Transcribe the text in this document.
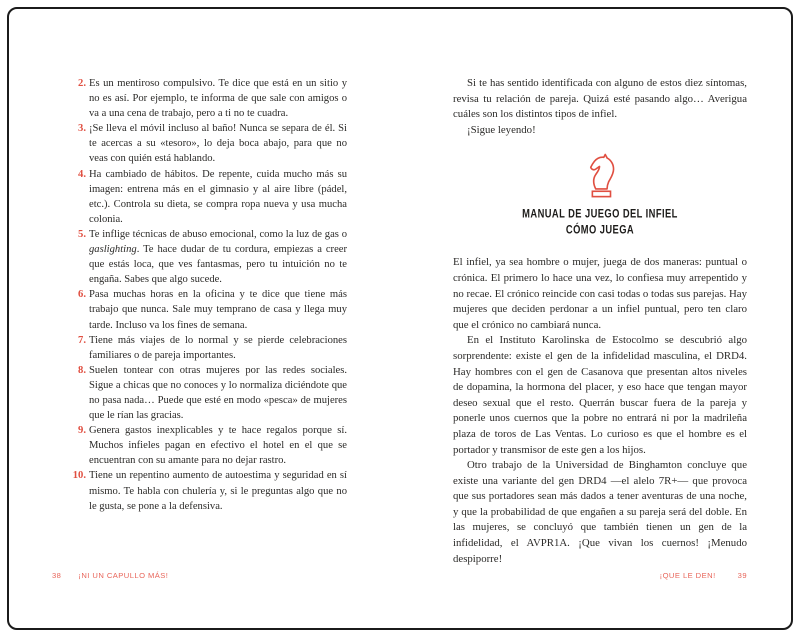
2. Es un mentiroso compulsivo. Te dice que está en un sitio y no es así. Por ejemplo, te informa de que sale con amigos o va a una cena de trabajo, pero a ti no te cuadra.
3. ¡Se lleva el móvil incluso al baño! Nunca se separa de él. Si te acercas a su «tesoro», lo deja boca abajo, para que no veas con quién está hablando.
4. Ha cambiado de hábitos. De repente, cuida mucho más su imagen: entrena más en el gimnasio y al aire libre (pádel, etc.). Controla su dieta, se compra ropa nueva y usa mucha colonia.
5. Te inflige técnicas de abuso emocional, como la luz de gas o gaslighting. Te hace dudar de tu cordura, empiezas a creer que estás loca, que ves fantasmas, pero tu intuición no te engaña. Sabes que algo sucede.
6. Pasa muchas horas en la oficina y te dice que tiene más trabajo que nunca. Sale muy temprano de casa y llega muy tarde. Incluso va los fines de semana.
7. Tiene más viajes de lo normal y se pierde celebraciones familiares o de pareja importantes.
8. Suelen tontear con otras mujeres por las redes sociales. Sigue a chicas que no conoces y lo normaliza diciéndote que no pasa nada… Puede que esté en modo «pesca» de mujeres que le rían las gracias.
9. Genera gastos inexplicables y te hace regalos porque sí. Muchos infieles pagan en efectivo el hotel en el que se encuentran con su amante para no dejar rastro.
10. Tiene un repentino aumento de autoestima y seguridad en sí mismo. Te habla con chulería y, si le preguntas algo que no le gusta, se pone a la defensiva.
38 ¡NI UN CAPULLO MÁS!

Si te has sentido identificada con alguno de estos diez síntomas, revisa tu relación de pareja. Quizá esté pasando algo… Averigua cuáles son los distintos tipos de infiel.

¡Sigue leyendo!

MANUAL DE JUEGO DEL INFIEL
CÓMO JUEGA

El infiel, ya sea hombre o mujer, juega de dos maneras: puntual o crónica. El primero lo hace una vez, lo confiesa muy arrepentido y no recae. El crónico reincide con casi todas o todas sus parejas. Hay mujeres que deciden perdonar a un infiel puntual, pero ten claro que el crónico no cambiará nunca.

En el Instituto Karolinska de Estocolmo se descubrió algo sorprendente: existe el gen de la infidelidad masculina, el DRD4. Hay hombres con el gen de Casanova que presentan altos niveles de dopamina, la hormona del placer, y eso hace que tengan mayor deseo sexual que el resto. Querrán buscar fuera de la pareja y ponerle unos cuernos que la pobre no entrará ni por la madrileña plaza de toros de Las Ventas. Lo curioso es que el hombre es el portador y transmisor de este gen a los hijos.

Otro trabajo de la Universidad de Binghamton concluye que existe una variante del gen DRD4 —el alelo 7R+— que provoca que sus portadores sean más dados a tener aventuras de una noche, y que la probabilidad de que engañen a su pareja será del doble. En las mujeres, se concluyó que también tienen un gen de la infidelidad, el AVPR1A. ¡Que vivan los cuernos! ¡Menudo despiporre!

¡QUE LE DEN!	39
